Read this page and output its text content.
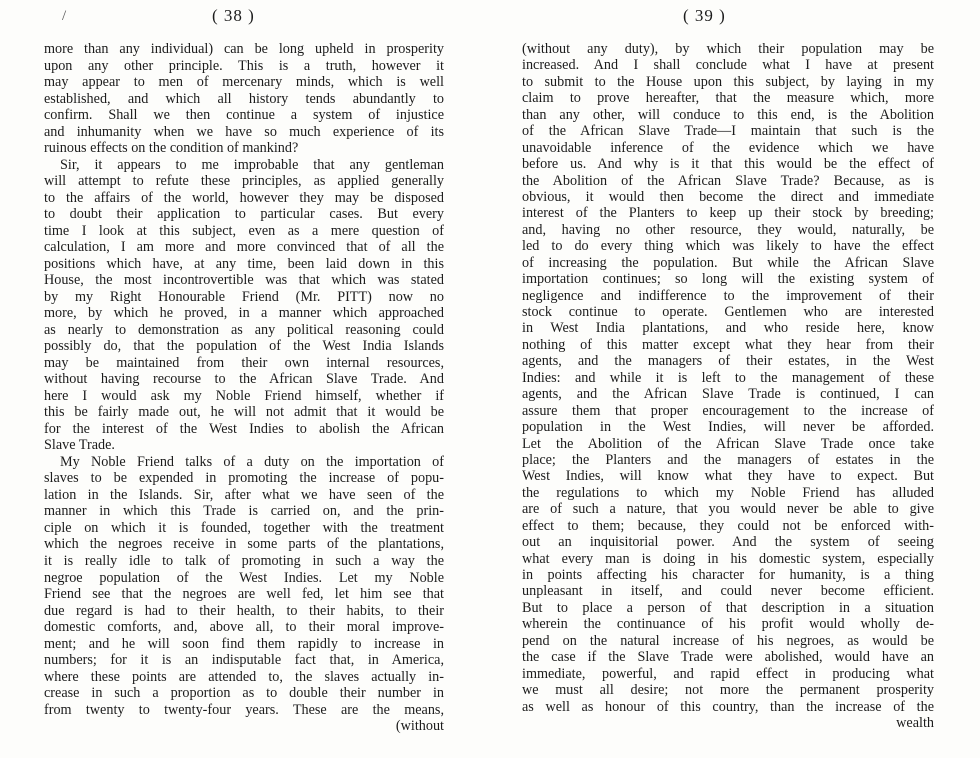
/	( 38 )
more than any individual) can be long upheld in prosperity
upon any other principle. This is a truth, however it
may appear to men of mercenary minds, which is well
established, and which all history tends abundantly to
confirm. Shall we then continue a system of injustice
and inhumanity when we have so much experience of its
ruinous effects on the condition of mankind?
Sir, it appears to me improbable that any gentleman
will attempt to refute these principles, as applied generally
to the affairs of the world, however they may be disposed
to doubt their application to particular cases. But every
time I look at this subject, even as a mere question of
calculation, I am more and more convinced that of all the
positions which have, at any time, been laid down in this
House, the most incontrovertible was that which was stated
by my Right Honourable Friend (Mr. PITT) now no
more, by which he proved, in a manner which approached
as nearly to demonstration as any political reasoning could
possibly do, that the population of the West India Islands
may be maintained from their own internal resources,
without having recourse to the African Slave Trade. And
here I would ask my Noble Friend himself, whether if
this be fairly made out, he will not admit that it would be
for the interest of the West Indies to abolish the African
Slave Trade.
My Noble Friend talks of a duty on the importation of
slaves to be expended in promoting the increase of popu-
lation in the Islands. Sir, after what we have seen of the
manner in which this Trade is carried on, and the prin-
ciple on which it is founded, together with the treatment
which the negroes receive in some parts of the plantations,
it is really idle to talk of promoting in such a way the
negroe population of the West Indies. Let my Noble
Friend see that the negroes are well fed, let him see that
due regard is had to their health, to their habits, to their
domestic comforts, and, above all, to their moral improve-
ment; and he will soon find them rapidly to increase in
numbers; for it is an indisputable fact that, in America,
where these points are attended to, the slaves actually in-
crease in such a proportion as to double their number in
from twenty to twenty-four years. These are the means,
(without
( 39 )
(without any duty), by which their population may be
increased. And I shall conclude what I have at present
to submit to the House upon this subject, by laying in my
claim to prove hereafter, that the measure which, more
than any other, will conduce to this end, is the Abolition
of the African Slave Trade—I maintain that such is the
unavoidable inference of the evidence which we have
before us. And why is it that this would be the effect of
the Abolition of the African Slave Trade? Because, as is
obvious, it would then become the direct and immediate
interest of the Planters to keep up their stock by breeding;
and, having no other resource, they would, naturally, be
led to do every thing which was likely to have the effect
of increasing the population. But while the African Slave
importation continues; so long will the existing system of
negligence and indifference to the improvement of their
stock continue to operate. Gentlemen who are interested
in West India plantations, and who reside here, know
nothing of this matter except what they hear from their
agents, and the managers of their estates, in the West
Indies: and while it is left to the management of these
agents, and the African Slave Trade is continued, I can
assure them that proper encouragement to the increase of
population in the West Indies, will never be afforded.
Let the Abolition of the African Slave Trade once take
place; the Planters and the managers of estates in the
West Indies, will know what they have to expect. But
the regulations to which my Noble Friend has alluded
are of such a nature, that you would never be able to give
effect to them; because, they could not be enforced with-
out an inquisitorial power. And the system of seeing
what every man is doing in his domestic system, especially
in points affecting his character for humanity, is a thing
unpleasant in itself, and could never become efficient.
But to place a person of that description in a situation
wherein the continuance of his profit would wholly de-
pend on the natural increase of his negroes, as would be
the case if the Slave Trade were abolished, would have an
immediate, powerful, and rapid effect in producing what
we must all desire; not more the permanent prosperity
as well as honour of this country, than the increase of the
wealth
